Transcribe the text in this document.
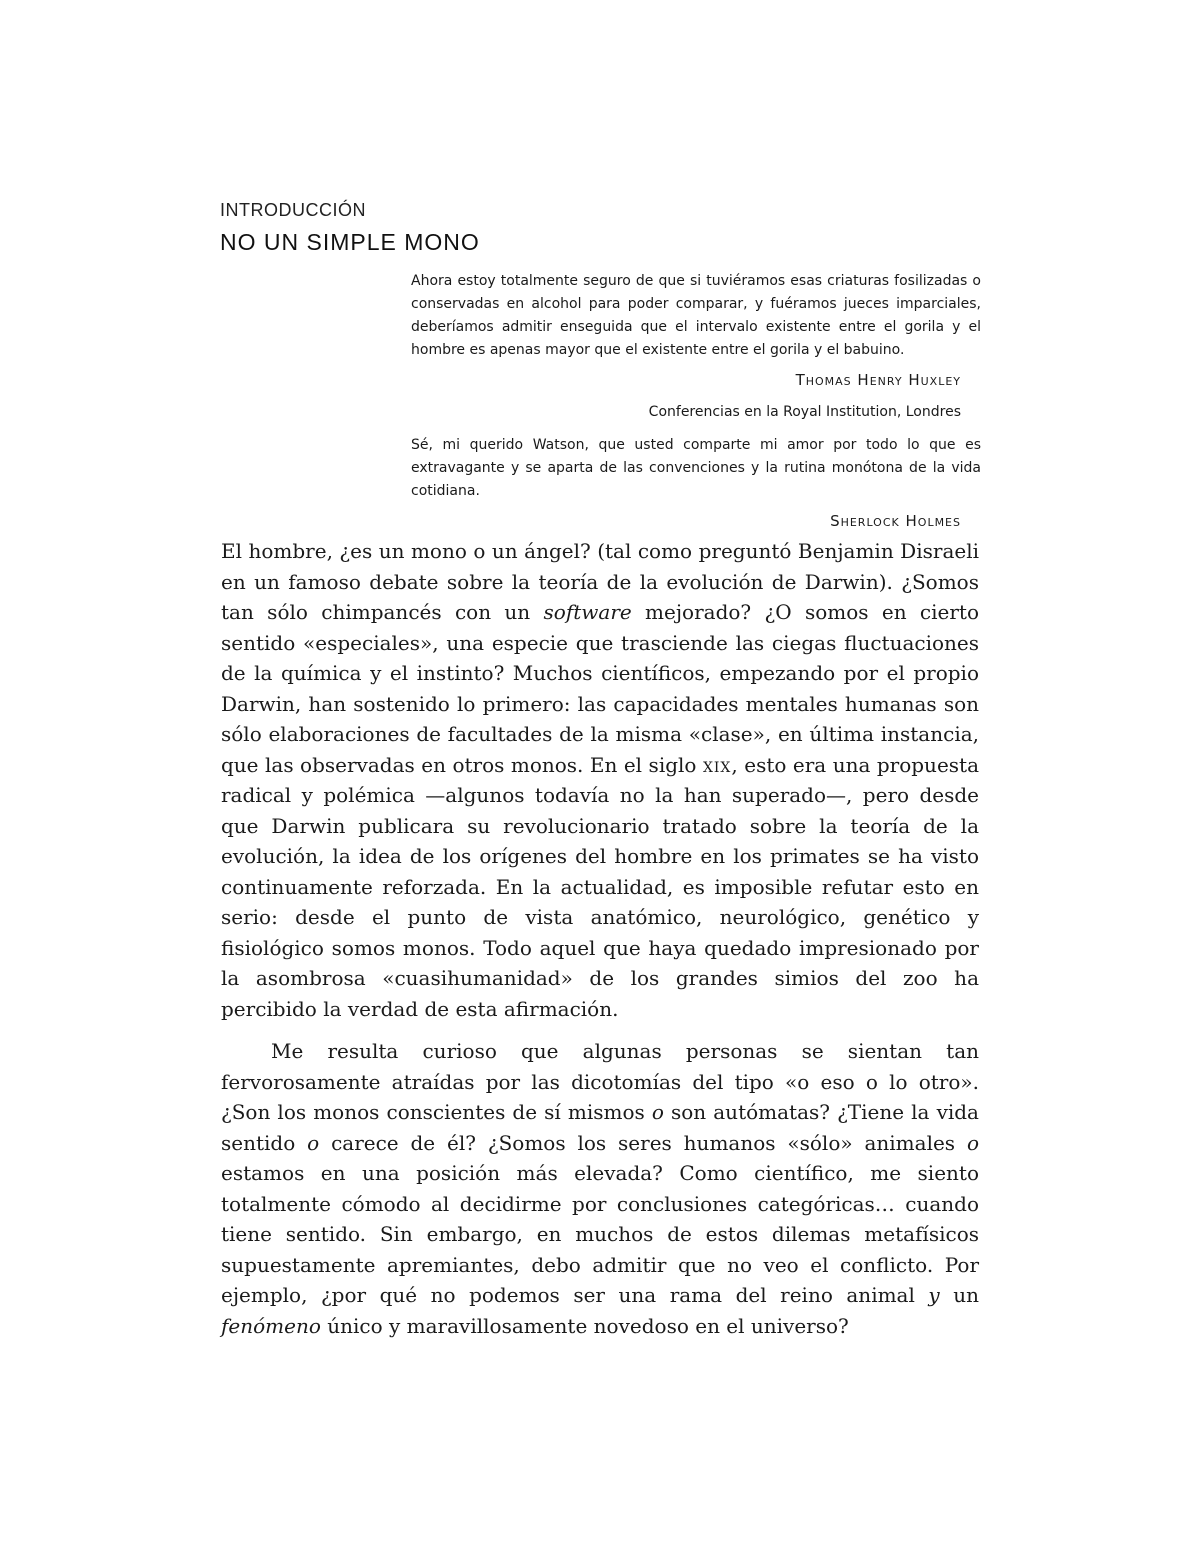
INTRODUCCIÓN

NO UN SIMPLE MONO

Ahora estoy totalmente seguro de que si tuviéramos esas criaturas fosilizadas o conservadas en alcohol para poder comparar, y fuéramos jueces imparciales, deberíamos admitir enseguida que el intervalo existente entre el gorila y el hombre es apenas mayor que el existente entre el gorila y el babuino.

Thomas Henry Huxley

Conferencias en la Royal Institution, Londres

Sé, mi querido Watson, que usted comparte mi amor por todo lo que es extravagante y se aparta de las convenciones y la rutina monótona de la vida cotidiana.

Sherlock Holmes

El hombre, ¿es un mono o un ángel? (tal como preguntó Benjamin Disraeli en un famoso debate sobre la teoría de la evolución de Darwin). ¿Somos tan sólo chimpancés con un software mejorado? ¿O somos en cierto sentido «especiales», una especie que trasciende las ciegas fluctuaciones de la química y el instinto? Muchos científicos, empezando por el propio Darwin, han sostenido lo primero: las capacidades mentales humanas son sólo elaboraciones de facultades de la misma «clase», en última instancia, que las observadas en otros monos. En el siglo xix, esto era una propuesta radical y polémica —algunos todavía no la han superado—, pero desde que Darwin publicara su revolucionario tratado sobre la teoría de la evolución, la idea de los orígenes del hombre en los primates se ha visto continuamente reforzada. En la actualidad, es imposible refutar esto en serio: desde el punto de vista anatómico, neurológico, genético y fisiológico somos monos. Todo aquel que haya quedado impresionado por la asombrosa «cuasihumanidad» de los grandes simios del zoo ha percibido la verdad de esta afirmación.

Me resulta curioso que algunas personas se sientan tan fervorosamente atraídas por las dicotomías del tipo «o eso o lo otro». ¿Son los monos conscientes de sí mismos o son autómatas? ¿Tiene la vida sentido o carece de él? ¿Somos los seres humanos «sólo» animales o estamos en una posición más elevada? Como científico, me siento totalmente cómodo al decidirme por conclusiones categóricas… cuando tiene sentido. Sin embargo, en muchos de estos dilemas metafísicos supuestamente apremiantes, debo admitir que no veo el conflicto. Por ejemplo, ¿por qué no podemos ser una rama del reino animal y un fenómeno único y maravillosamente novedoso en el universo?
